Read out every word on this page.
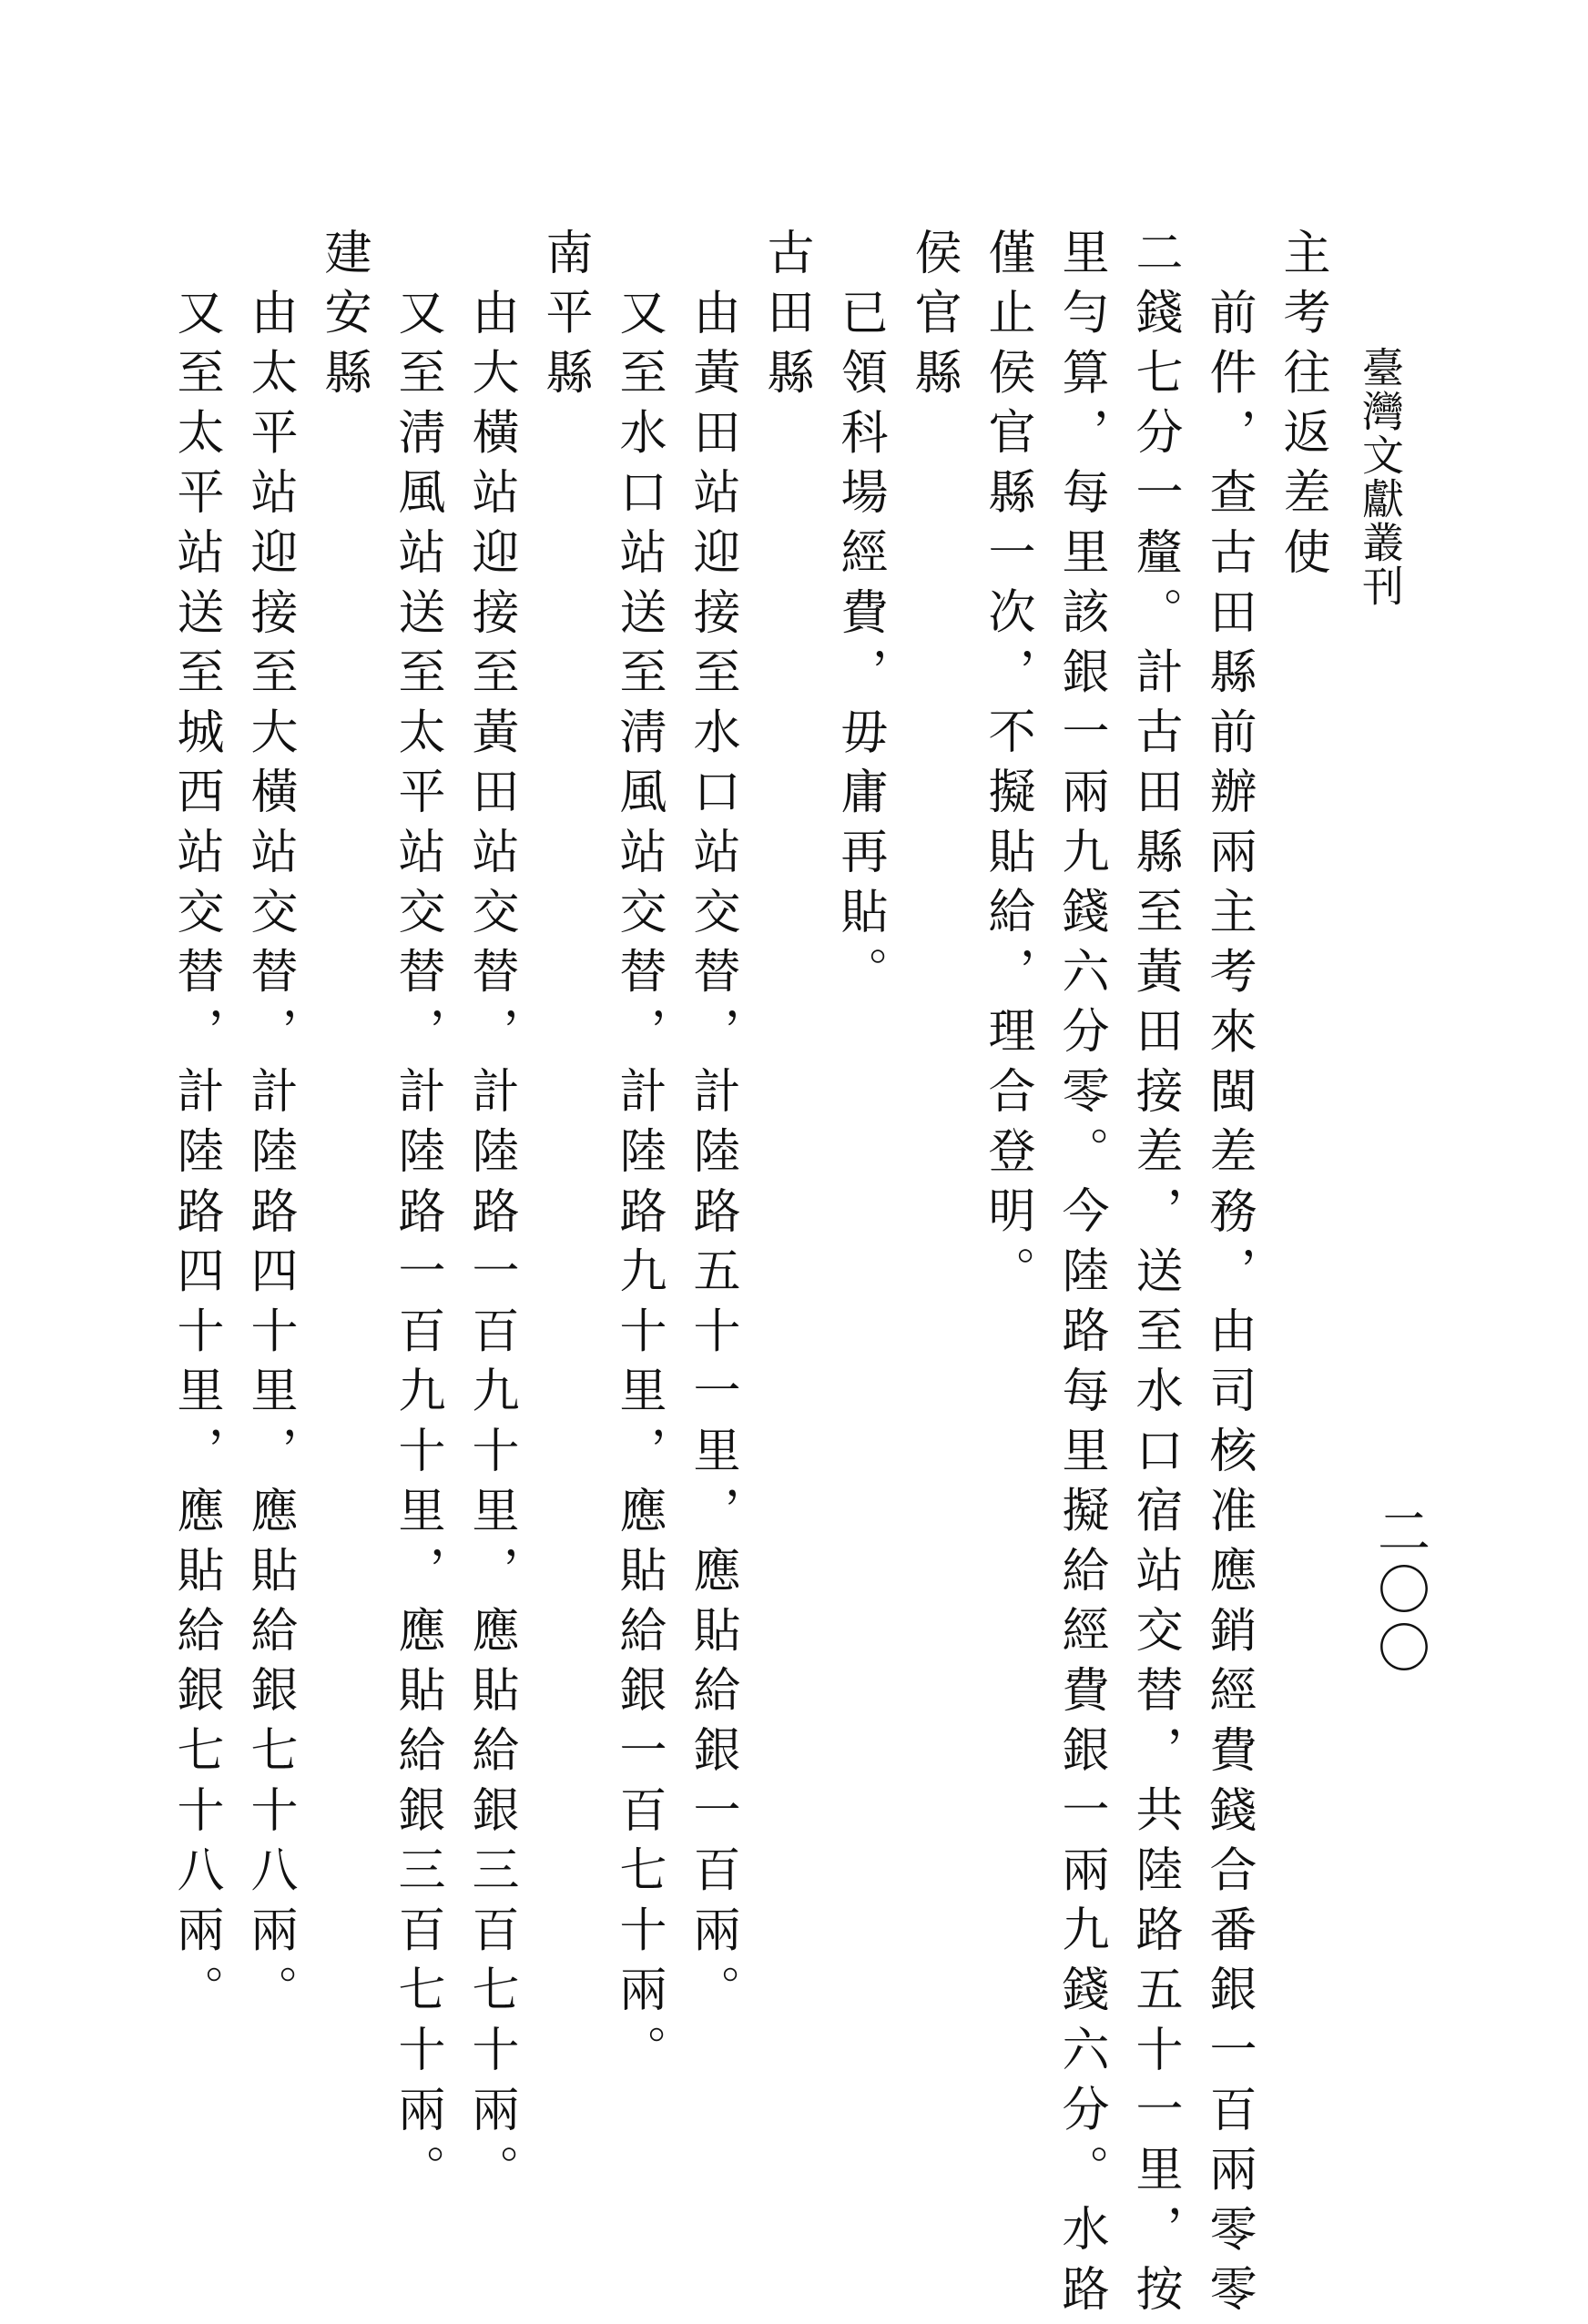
臺灣文獻叢刊
二〇〇
主考往返差使
前件，查古田縣前辦兩主考來閩差務，由司核准應銷經費錢合番銀一百兩零零
二錢七分一釐。計古田縣至黃田接差，送至水口宿站交替，共陸路五十一里，按
里勻算，每里該銀一兩九錢六分零。今陸路每里擬給經費銀一兩九錢六分。水路
僅止侯官縣一次，不擬貼給，理合登明。
侯官縣
已領科場經費，毋庸再貼。
古田縣
由黃田站迎接至水口站交替，計陸路五十一里，應貼給銀一百兩。
又至水口站送至淸風站交替，計陸路九十里，應貼給銀一百七十兩。
南平縣
由大橫站迎接至黃田站交替，計陸路一百九十里，應貼給銀三百七十兩。
又至淸風站送至太平站交替，計陸路一百九十里，應貼給銀三百七十兩。
建安縣
由太平站迎接至大橫站交替，計陸路四十里，應貼給銀七十八兩。
又至太平站送至城西站交替，計陸路四十里，應貼給銀七十八兩。
